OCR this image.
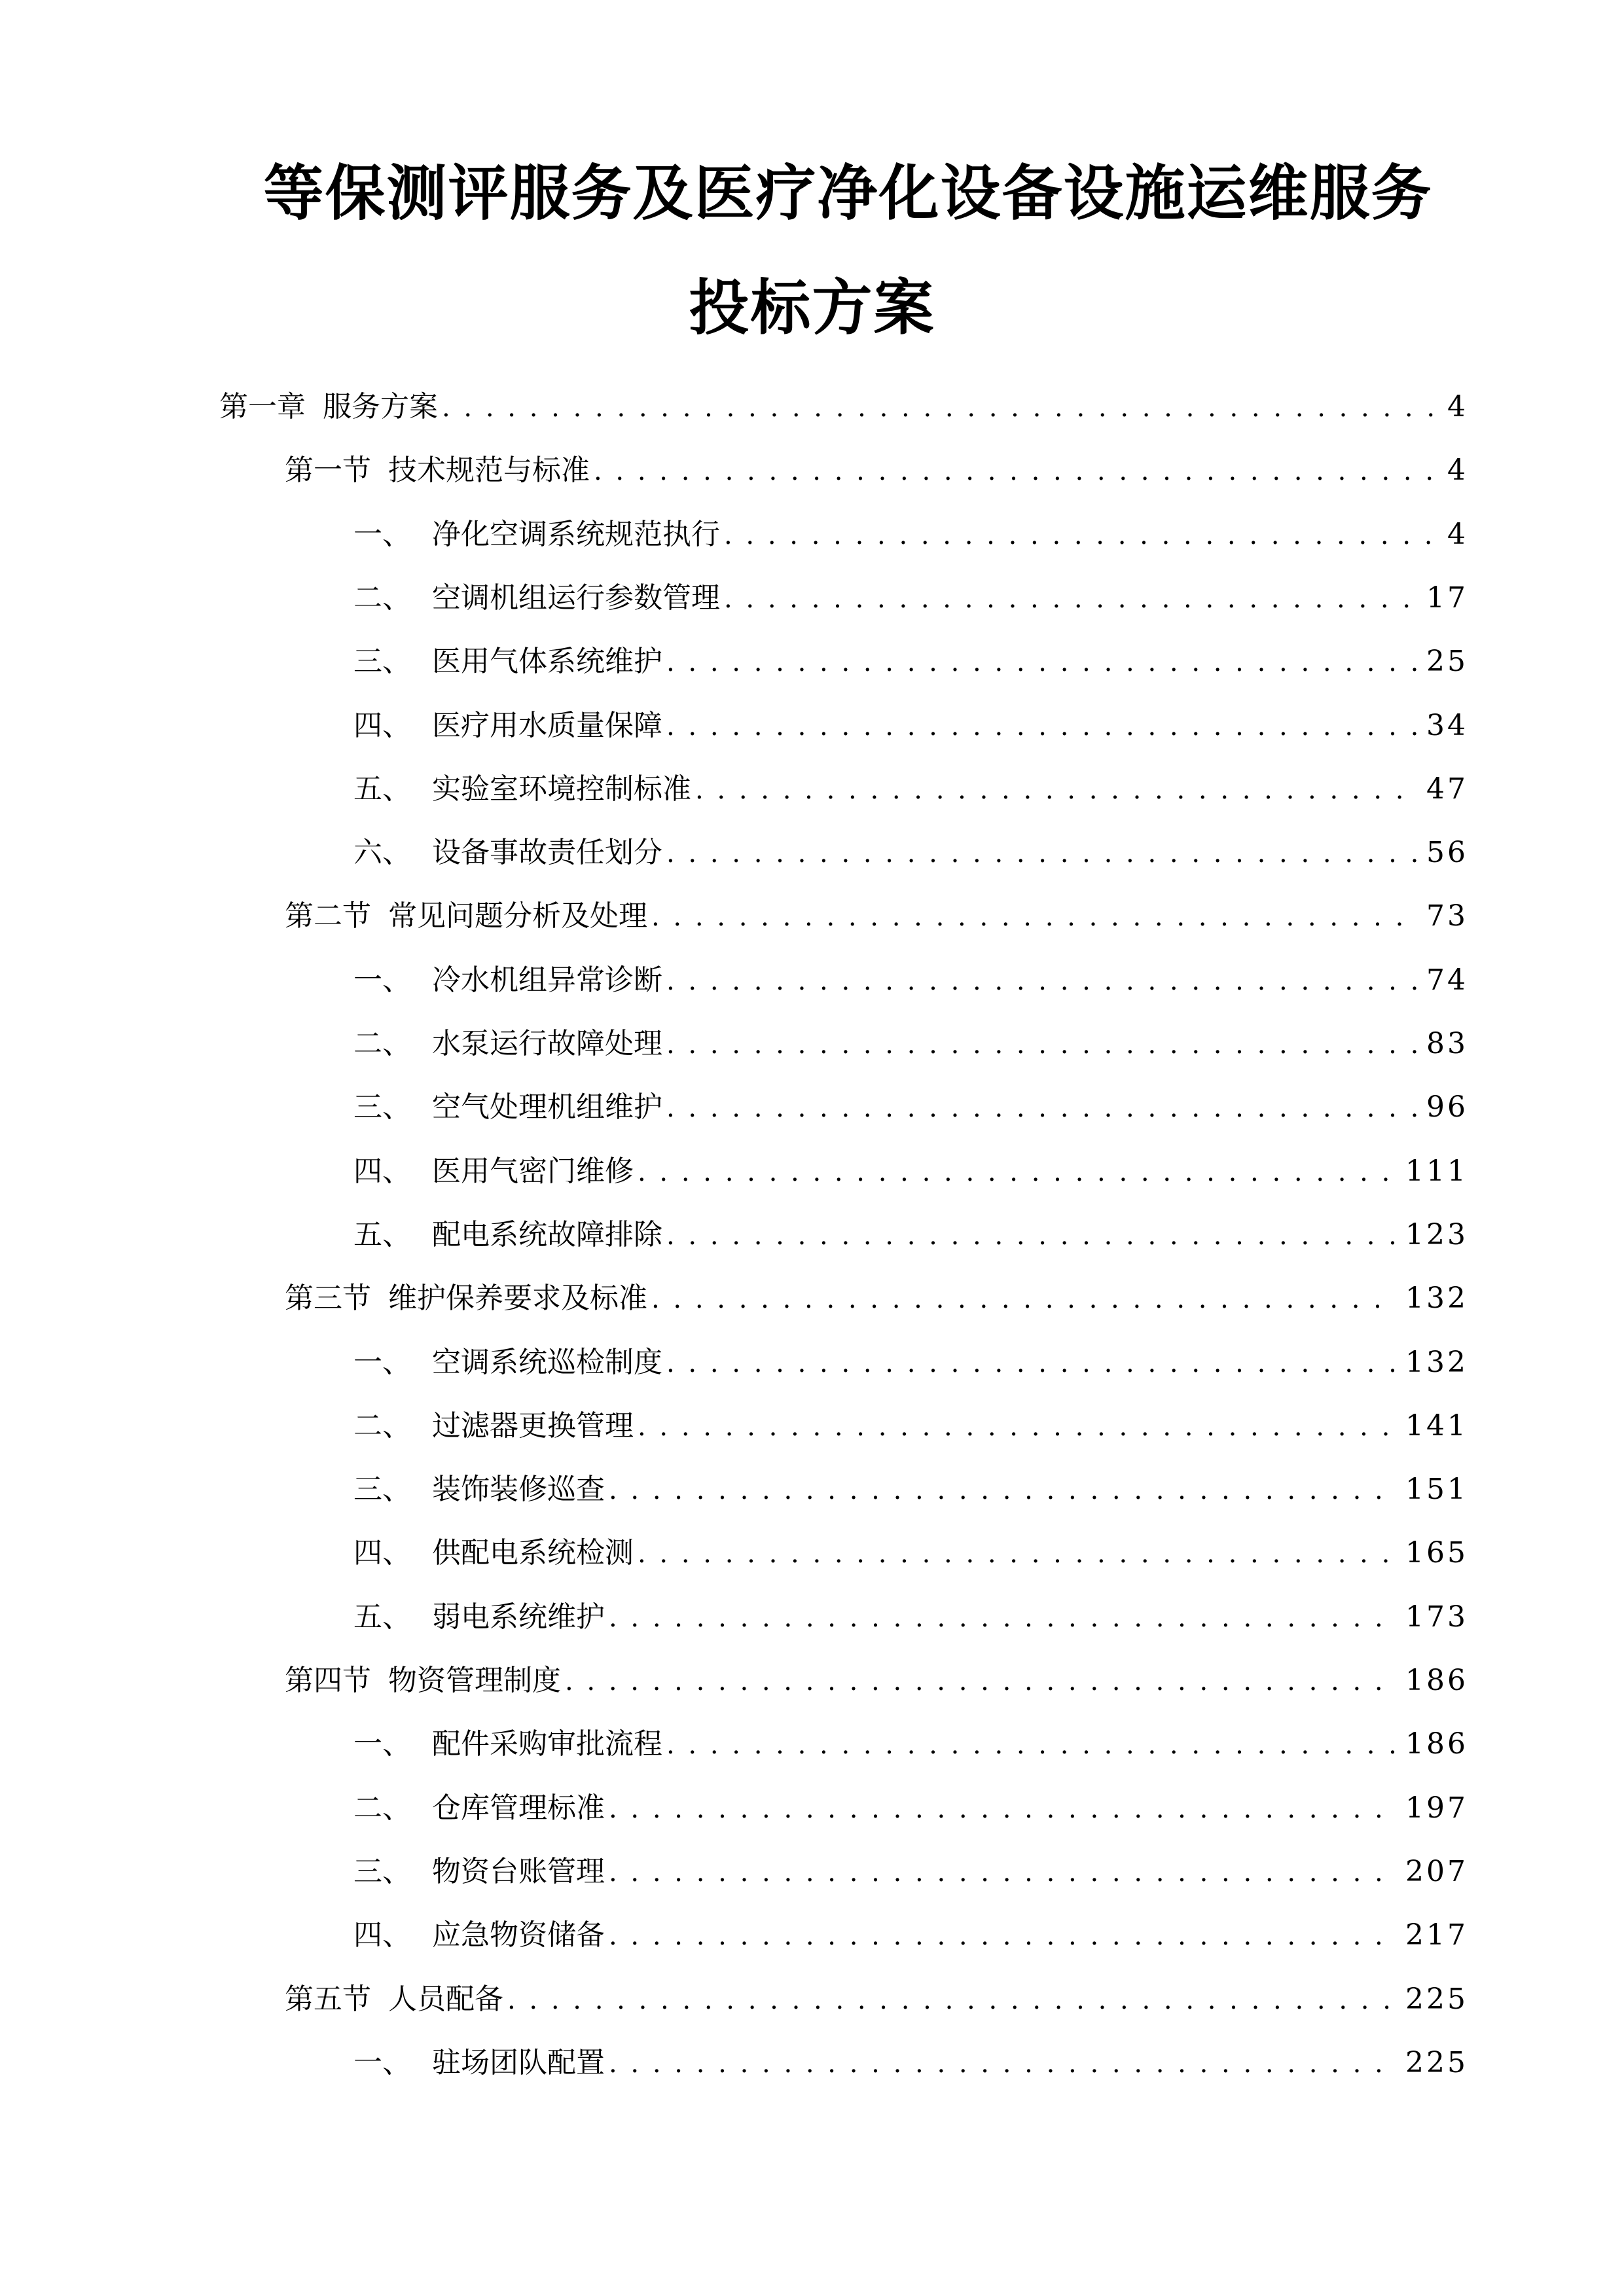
等保测评服务及医疗净化设备设施运维服务
投标方案
第一章 服务方案 . . .	4
第一节 技术规范与标准 . . .	4
一、 净化空调系统规范执行 . . .	4
二、 空调机组运行参数管理 . . .	17
三、 医用气体系统维护 . . .	25
四、 医疗用水质量保障 . . .	34
五、 实验室环境控制标准 . . .	47
六、 设备事故责任划分 . . .	56
第二节 常见问题分析及处理 . . .	73
一、 冷水机组异常诊断 . . .	74
二、 水泵运行故障处理 . . .	83
三、 空气处理机组维护 . . .	96
四、 医用气密门维修 . . .	111
五、 配电系统故障排除 . . .	123
第三节 维护保养要求及标准 . . .	132
一、 空调系统巡检制度 . . .	132
二、 过滤器更换管理 . . .	141
三、 装饰装修巡查 . . .	151
四、 供配电系统检测 . . .	165
五、 弱电系统维护 . . .	173
第四节 物资管理制度 . . .	186
一、 配件采购审批流程 . . .	186
二、 仓库管理标准 . . .	197
三、 物资台账管理 . . .	207
四、 应急物资储备 . . .	217
第五节 人员配备 . . .	225
一、 驻场团队配置 . . .	225
